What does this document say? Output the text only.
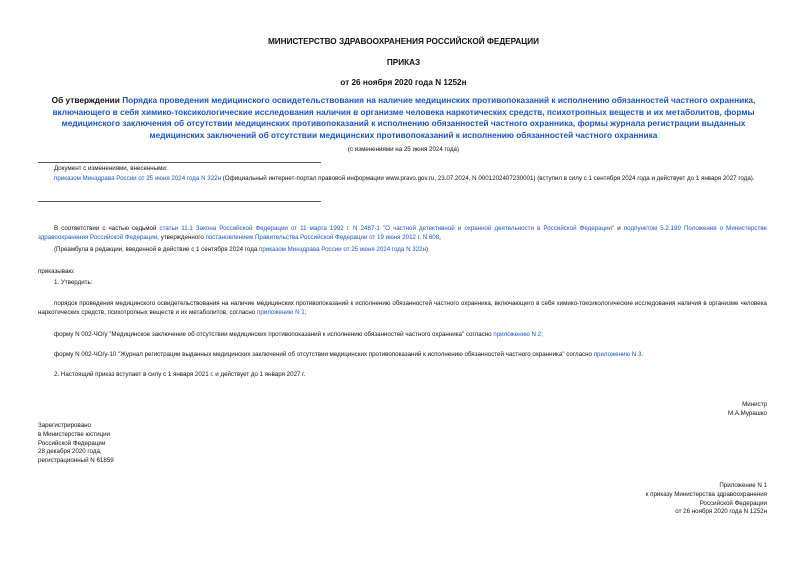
МИНИСТЕРСТВО ЗДРАВООХРАНЕНИЯ РОССИЙСКОЙ ФЕДЕРАЦИИ
ПРИКАЗ
от 26 ноября 2020 года N 1252н
Об утверждении Порядка проведения медицинского освидетельствования на наличие медицинских противопоказаний к исполнению обязанностей частного охранника, включающего в себя химико-токсикологические исследования наличия в организме человека наркотических средств, психотропных веществ и их метаболитов, формы медицинского заключения об отсутствии медицинских противопоказаний к исполнению обязанностей частного охранника, формы журнала регистрации выданных медицинских заключений об отсутствии медицинских противопоказаний к исполнению обязанностей частного охранника
(с изменениями на 25 июня 2024 года)
Документ с изменениями, внесенными:
приказом Минздрава России от 25 июня 2024 года N 322н (Официальный интернет-портал правовой информации www.pravo.gov.ru, 23.07.2024, N 0001202407230001) (вступил в силу с 1 сентября 2024 года и действует до 1 января 2027 года).
В соответствии с частью седьмой статьи 11.1 Закона Российской Федерации от 11 марта 1992 г. N 2487-1 "О частной детективной и охранной деятельности в Российской Федерации" и подпунктом 5.2.199 Положения о Министерстве здравоохранения Российской Федерации, утвержденного постановлением Правительства Российской Федерации от 19 июня 2012 г. N 608,
(Преамбула в редакции, введенной в действие с 1 сентября 2024 года приказом Минздрава России от 25 июня 2024 года N 322н)
приказываю:
1. Утвердить:
порядок проведения медицинского освидетельствования на наличие медицинских противопоказаний к исполнению обязанностей частного охранника, включающего в себя химико-токсикологические исследования наличия в организме человека наркотических средств, психотропных веществ и их метаболитов, согласно приложению N 1;
форму N 002-ЧО/у "Медицинское заключение об отсутствии медицинских противопоказаний к исполнению обязанностей частного охранника" согласно приложению N 2;
форму N 002-ЧО/у-10 "Журнал регистрации выданных медицинских заключений об отсутствии медицинских противопоказаний к исполнению обязанностей частного охранника" согласно приложению N 3.
2. Настоящий приказ вступает в силу с 1 января 2021 г. и действует до 1 января 2027 г.
Министр
М.А.Мурашко
Зарегистрировано
в Министерстве юстиции
Российской Федерации
28 декабря 2020 года,
регистрационный N 61859
Приложение N 1
к приказу Министерства здравоохранения
Российской Федерации
от 26 ноября 2020 года N 1252н
